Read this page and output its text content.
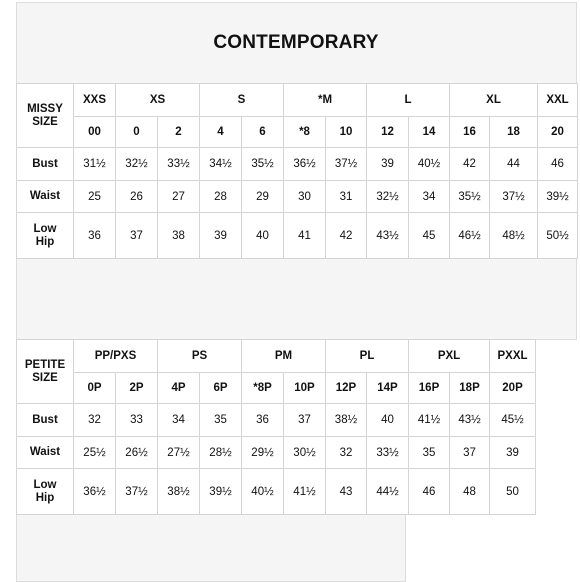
CONTEMPORARY
MISSY
SIZE	XXS	XS		S		*M		L		XL		XXL
	00	0	2	4	6	*8	10	12	14	16	18	20
Bust	31½	32½	33½	34½	35½	36½	37½	39	40½	42	44	46
Waist	25	26	27	28	29	30	31	32½	34	35½	37½	39½
Low
Hip	36	37	38	39	40	41	42	43½	45	46½	48½	50½
PETITE
SIZE	PP/PXS		PS		PM		PL		PXL		PXXL
	0P	2P	4P	6P	*8P	10P	12P	14P	16P	18P	20P
Bust	32	33	34	35	36	37	38½	40	41½	43½	45½
Waist	25½	26½	27½	28½	29½	30½	32	33½	35	37	39
Low
Hip	36½	37½	38½	39½	40½	41½	43	44½	46	48	50
